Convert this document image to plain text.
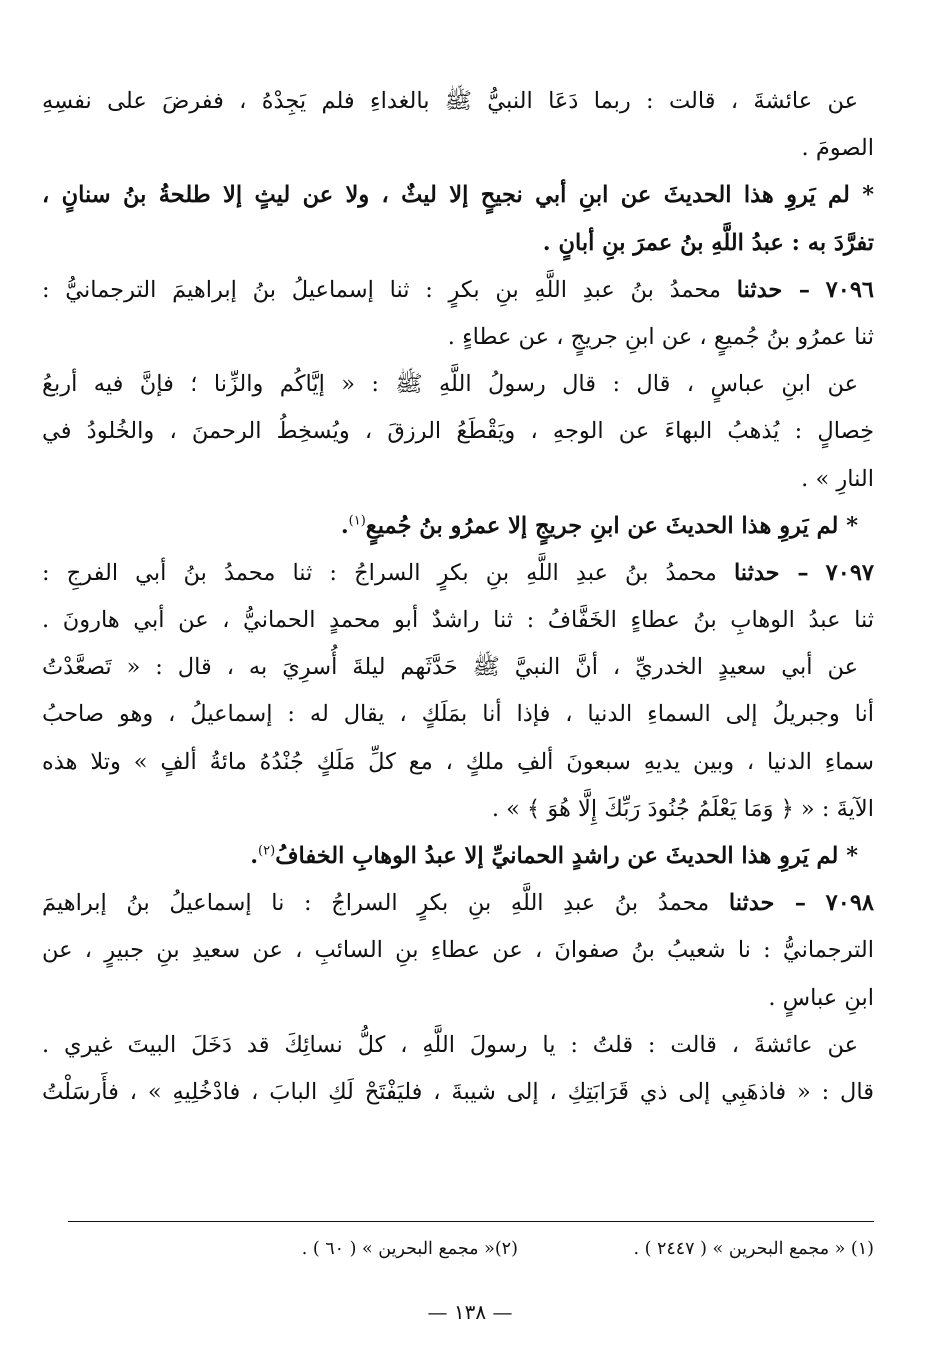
عن عائشةَ ، قالت : ربما دَعَا النبيُّ ﷺ بالغداءِ فلم يَجِدْهُ ، ففرضَ على نفسِهِ
الصومَ .
* لم يَروِ هذا الحديثَ عن ابنِ أبي نجيحٍ إلا ليثٌ ، ولا عن ليثٍ إلا طلحةُ بنُ سنانٍ ،
تفرَّدَ به : عبدُ اللَّهِ بنُ عمرَ بنِ أبانٍ .
٧٠٩٦ – حدثنا محمدُ بنُ عبدِ اللَّهِ بنِ بكرٍ : ثنا إسماعيلُ بنُ إبراهيمَ الترجمانيُّ :
ثنا عمرُو بنُ جُميعٍ ، عن ابنِ جريجٍ ، عن عطاءٍ .
عن ابنِ عباسٍ ، قال : قال رسولُ اللَّهِ ﷺ : « إيَّاكُم والزِّنا ؛ فإنَّ فيه أربعُ
خِصالٍ : يُذهبُ البهاءَ عن الوجهِ ، ويَقْطَعُ الرزقَ ، ويُسخِطُ الرحمنَ ، والخُلودُ في
النارِ » .
* لم يَروِ هذا الحديثَ عن ابنِ جريجٍ إلا عمرُو بنُ جُميعٍ$^{(١)}$.
٧٠٩٧ – حدثنا محمدُ بنُ عبدِ اللَّهِ بنِ بكرٍ السراجُ : ثنا محمدُ بنُ أبي الفرجِ :
ثنا عبدُ الوهابِ بنُ عطاءٍ الخَفَّافُ : ثنا راشدٌ أبو محمدٍ الحمانيُّ ، عن أبي هارونَ .
عن أبي سعيدٍ الخدريِّ ، أنَّ النبيَّ ﷺ حَدَّثَهم ليلةَ أُسرِيَ به ، قال : « تَصعَّدْتُ
أنا وجبريلُ إلى السماءِ الدنيا ، فإذا أنا بمَلَكٍ ، يقال له : إسماعيلُ ، وهو صاحبُ
سماءِ الدنيا ، وبين يديهِ سبعونَ ألفِ ملكٍ ، مع كلِّ مَلَكٍ جُنْدُهُ مائةُ ألفٍ » وتلا هذه
الآيةَ : « ﴿ وَمَا يَعْلَمُ جُنُودَ رَبِّكَ إِلَّا هُوَ ﴾ » .
* لم يَروِ هذا الحديثَ عن راشدٍ الحمانيِّ إلا عبدُ الوهابِ الخفافُ$^{(٢)}$.
٧٠٩٨ – حدثنا محمدُ بنُ عبدِ اللَّهِ بنِ بكرٍ السراجُ : نا إسماعيلُ بنُ إبراهيمَ
الترجمانيُّ : نا شعيبُ بنُ صفوانَ ، عن عطاءِ بنِ السائبِ ، عن سعيدِ بنِ جبيرٍ ، عن
ابنِ عباسٍ .
عن عائشةَ ، قالت : قلتُ : يا رسولَ اللَّهِ ، كلُّ نسائِكَ قد دَخَلَ البيتَ غيري .
قال : « فاذهَبِي إلى ذي قَرَابَتِكِ ، إلى شيبةَ ، فليَفْتَحْ لَكِ البابَ ، فادْخُلِيهِ » ، فأَرسَلْتُ
(١) « مجمع البحرين » ( ٢٤٤٧ ) . (٢)« مجمع البحرين » ( ٦٠ ) .
— ١٣٨ —
